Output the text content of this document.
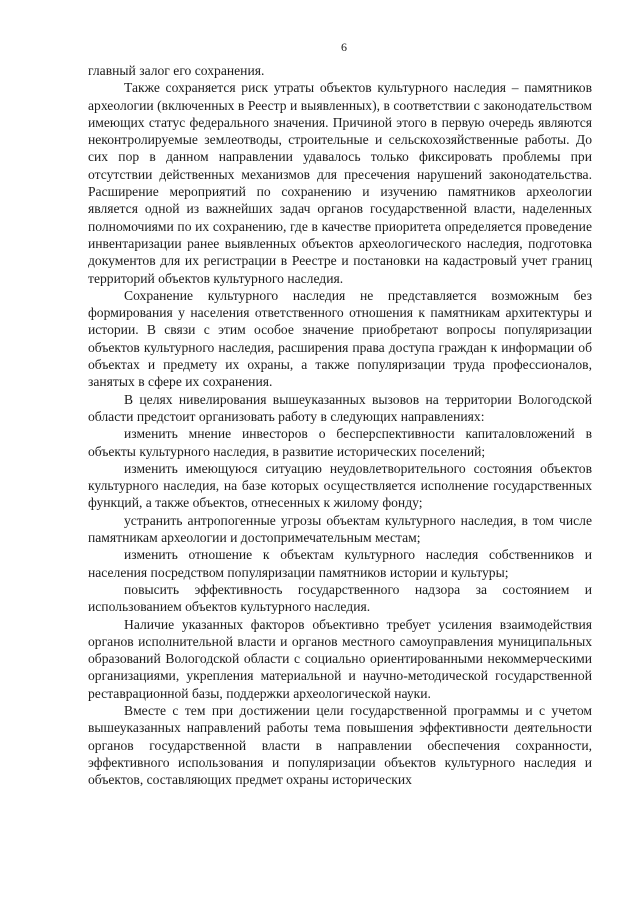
6

главный залог его сохранения.

Также сохраняется риск утраты объектов культурного наследия – памятников археологии (включенных в Реестр и выявленных), в соответствии с законодательством имеющих статус федерального значения. Причиной этого в первую очередь являются неконтролируемые землеотводы, строительные и сельскохозяйственные работы. До сих пор в данном направлении удавалось только фиксировать проблемы при отсутствии действенных механизмов для пресечения нарушений законодательства. Расширение мероприятий по сохранению и изучению памятников археологии является одной из важнейших задач органов государственной власти, наделенных полномочиями по их сохранению, где в качестве приоритета определяется проведение инвентаризации ранее выявленных объектов археологического наследия, подготовка документов для их регистрации в Реестре и постановки на кадастровый учет границ территорий объектов культурного наследия.

Сохранение культурного наследия не представляется возможным без формирования у населения ответственного отношения к памятникам архитектуры и истории. В связи с этим особое значение приобретают вопросы популяризации объектов культурного наследия, расширения права доступа граждан к информации об объектах и предмету их охраны, а также популяризации труда профессионалов, занятых в сфере их сохранения.

В целях нивелирования вышеуказанных вызовов на территории Вологодской области предстоит организовать работу в следующих направлениях:

изменить мнение инвесторов о бесперспективности капиталовложений в объекты культурного наследия, в развитие исторических поселений;

изменить имеющуюся ситуацию неудовлетворительного состояния объектов культурного наследия, на базе которых осуществляется исполнение государственных функций, а также объектов, отнесенных к жилому фонду;

устранить антропогенные угрозы объектам культурного наследия, в том числе памятникам археологии и достопримечательным местам;

изменить отношение к объектам культурного наследия собственников и населения посредством популяризации памятников истории и культуры;

повысить эффективность государственного надзора за состоянием и использованием объектов культурного наследия.

Наличие указанных факторов объективно требует усиления взаимодействия органов исполнительной власти и органов местного самоуправления муниципальных образований Вологодской области с социально ориентированными некоммерческими организациями, укрепления материальной и научно-методической государственной реставрационной базы, поддержки археологической науки.

Вместе с тем при достижении цели государственной программы и с учетом вышеуказанных направлений работы тема повышения эффективности деятельности органов государственной власти в направлении обеспечения сохранности, эффективного использования и популяризации объектов культурного наследия и объектов, составляющих предмет охраны исторических
